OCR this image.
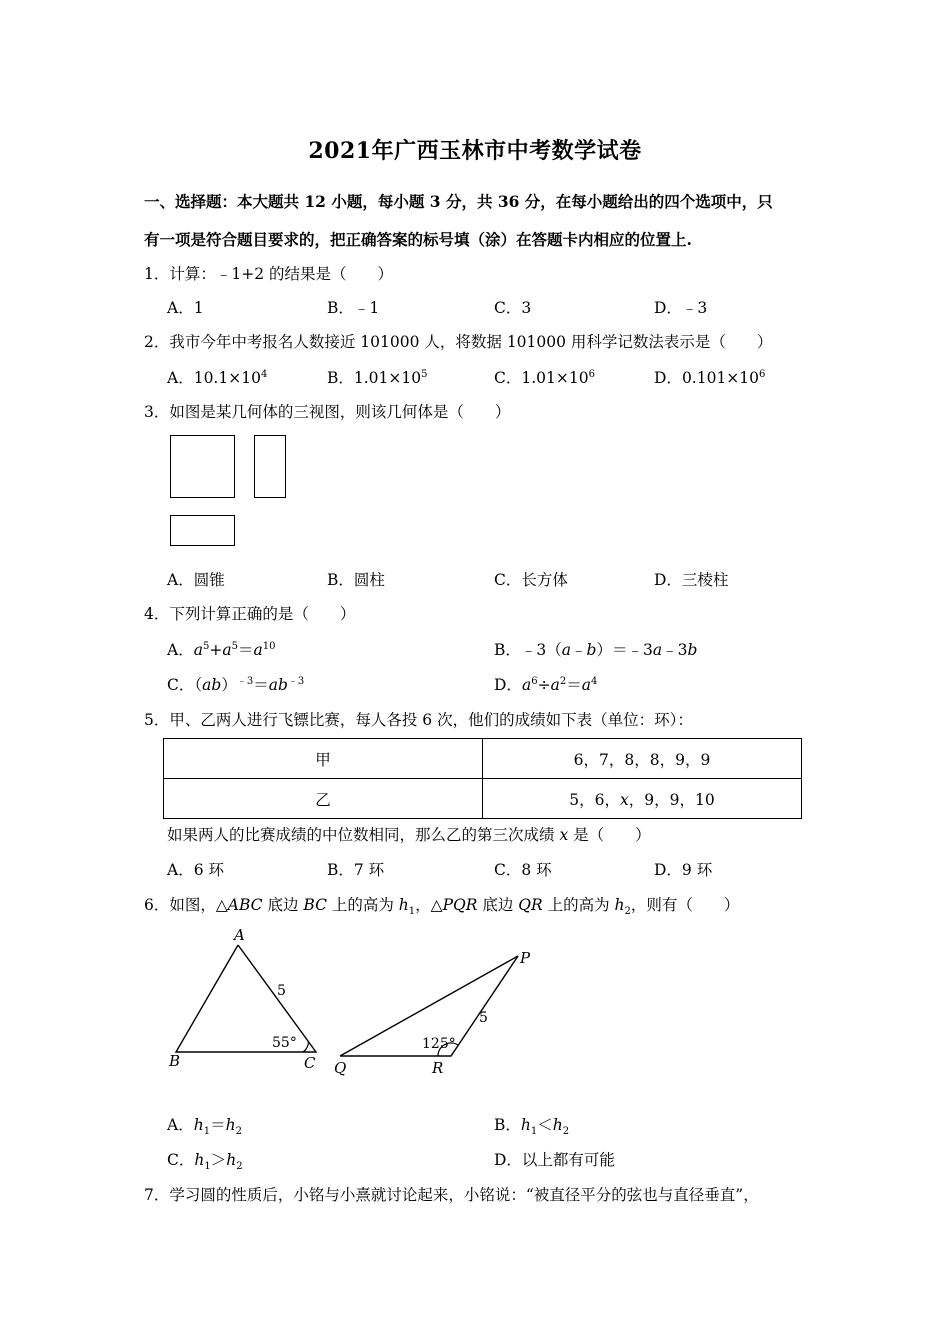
2021年广西玉林市中考数学试卷
一、选择题：本大题共 12 小题，每小题 3 分，共 36 分，在每小题给出的四个选项中，只
有一项是符合题目要求的，把正确答案的标号填（涂）在答题卡内相应的位置上.
1．计算：﹣1+2 的结果是（　　）
A．1	B．﹣1	C．3	D．﹣3
2．我市今年中考报名人数接近 101000 人，将数据 101000 用科学记数法表示是（　　）
A．$10.1\times 10^4$	B．$1.01\times 10^5$	C．$1.01\times 10^6$	D．$0.101\times 10^6$
3．如图是某几何体的三视图，则该几何体是（　　）
A．圆锥	B．圆柱	C．长方体	D．三棱柱
4．下列计算正确的是（　　）
A．$a^5+a^5=a^{10}$	B．﹣3（a﹣b）＝﹣3a﹣3b
C．$(ab)^{﹣3}=ab^{﹣3}$	D．$a^6\div a^2=a^4$
5．甲、乙两人进行飞镖比赛，每人各投 6 次，他们的成绩如下表（单位：环）：
甲	6，7，8，8，9，9
乙	5，6，x，9，9，10
如果两人的比赛成绩的中位数相同，那么乙的第三次成绩 x 是（　　）
A．6 环	B．7 环	C．8 环	D．9 环
6．如图，△ABC 底边 BC 上的高为 $h_1$，△PQR 底边 QR 上的高为 $h_2$，则有（　　）
A
B	C
5
55°
P
Q	R
5
125°
A．$h_1=h_2$	B．$h_1<h_2$
C．$h_1>h_2$	D．以上都有可能
7．学习圆的性质后，小铭与小熹就讨论起来，小铭说：“被直径平分的弦也与直径垂直”，
